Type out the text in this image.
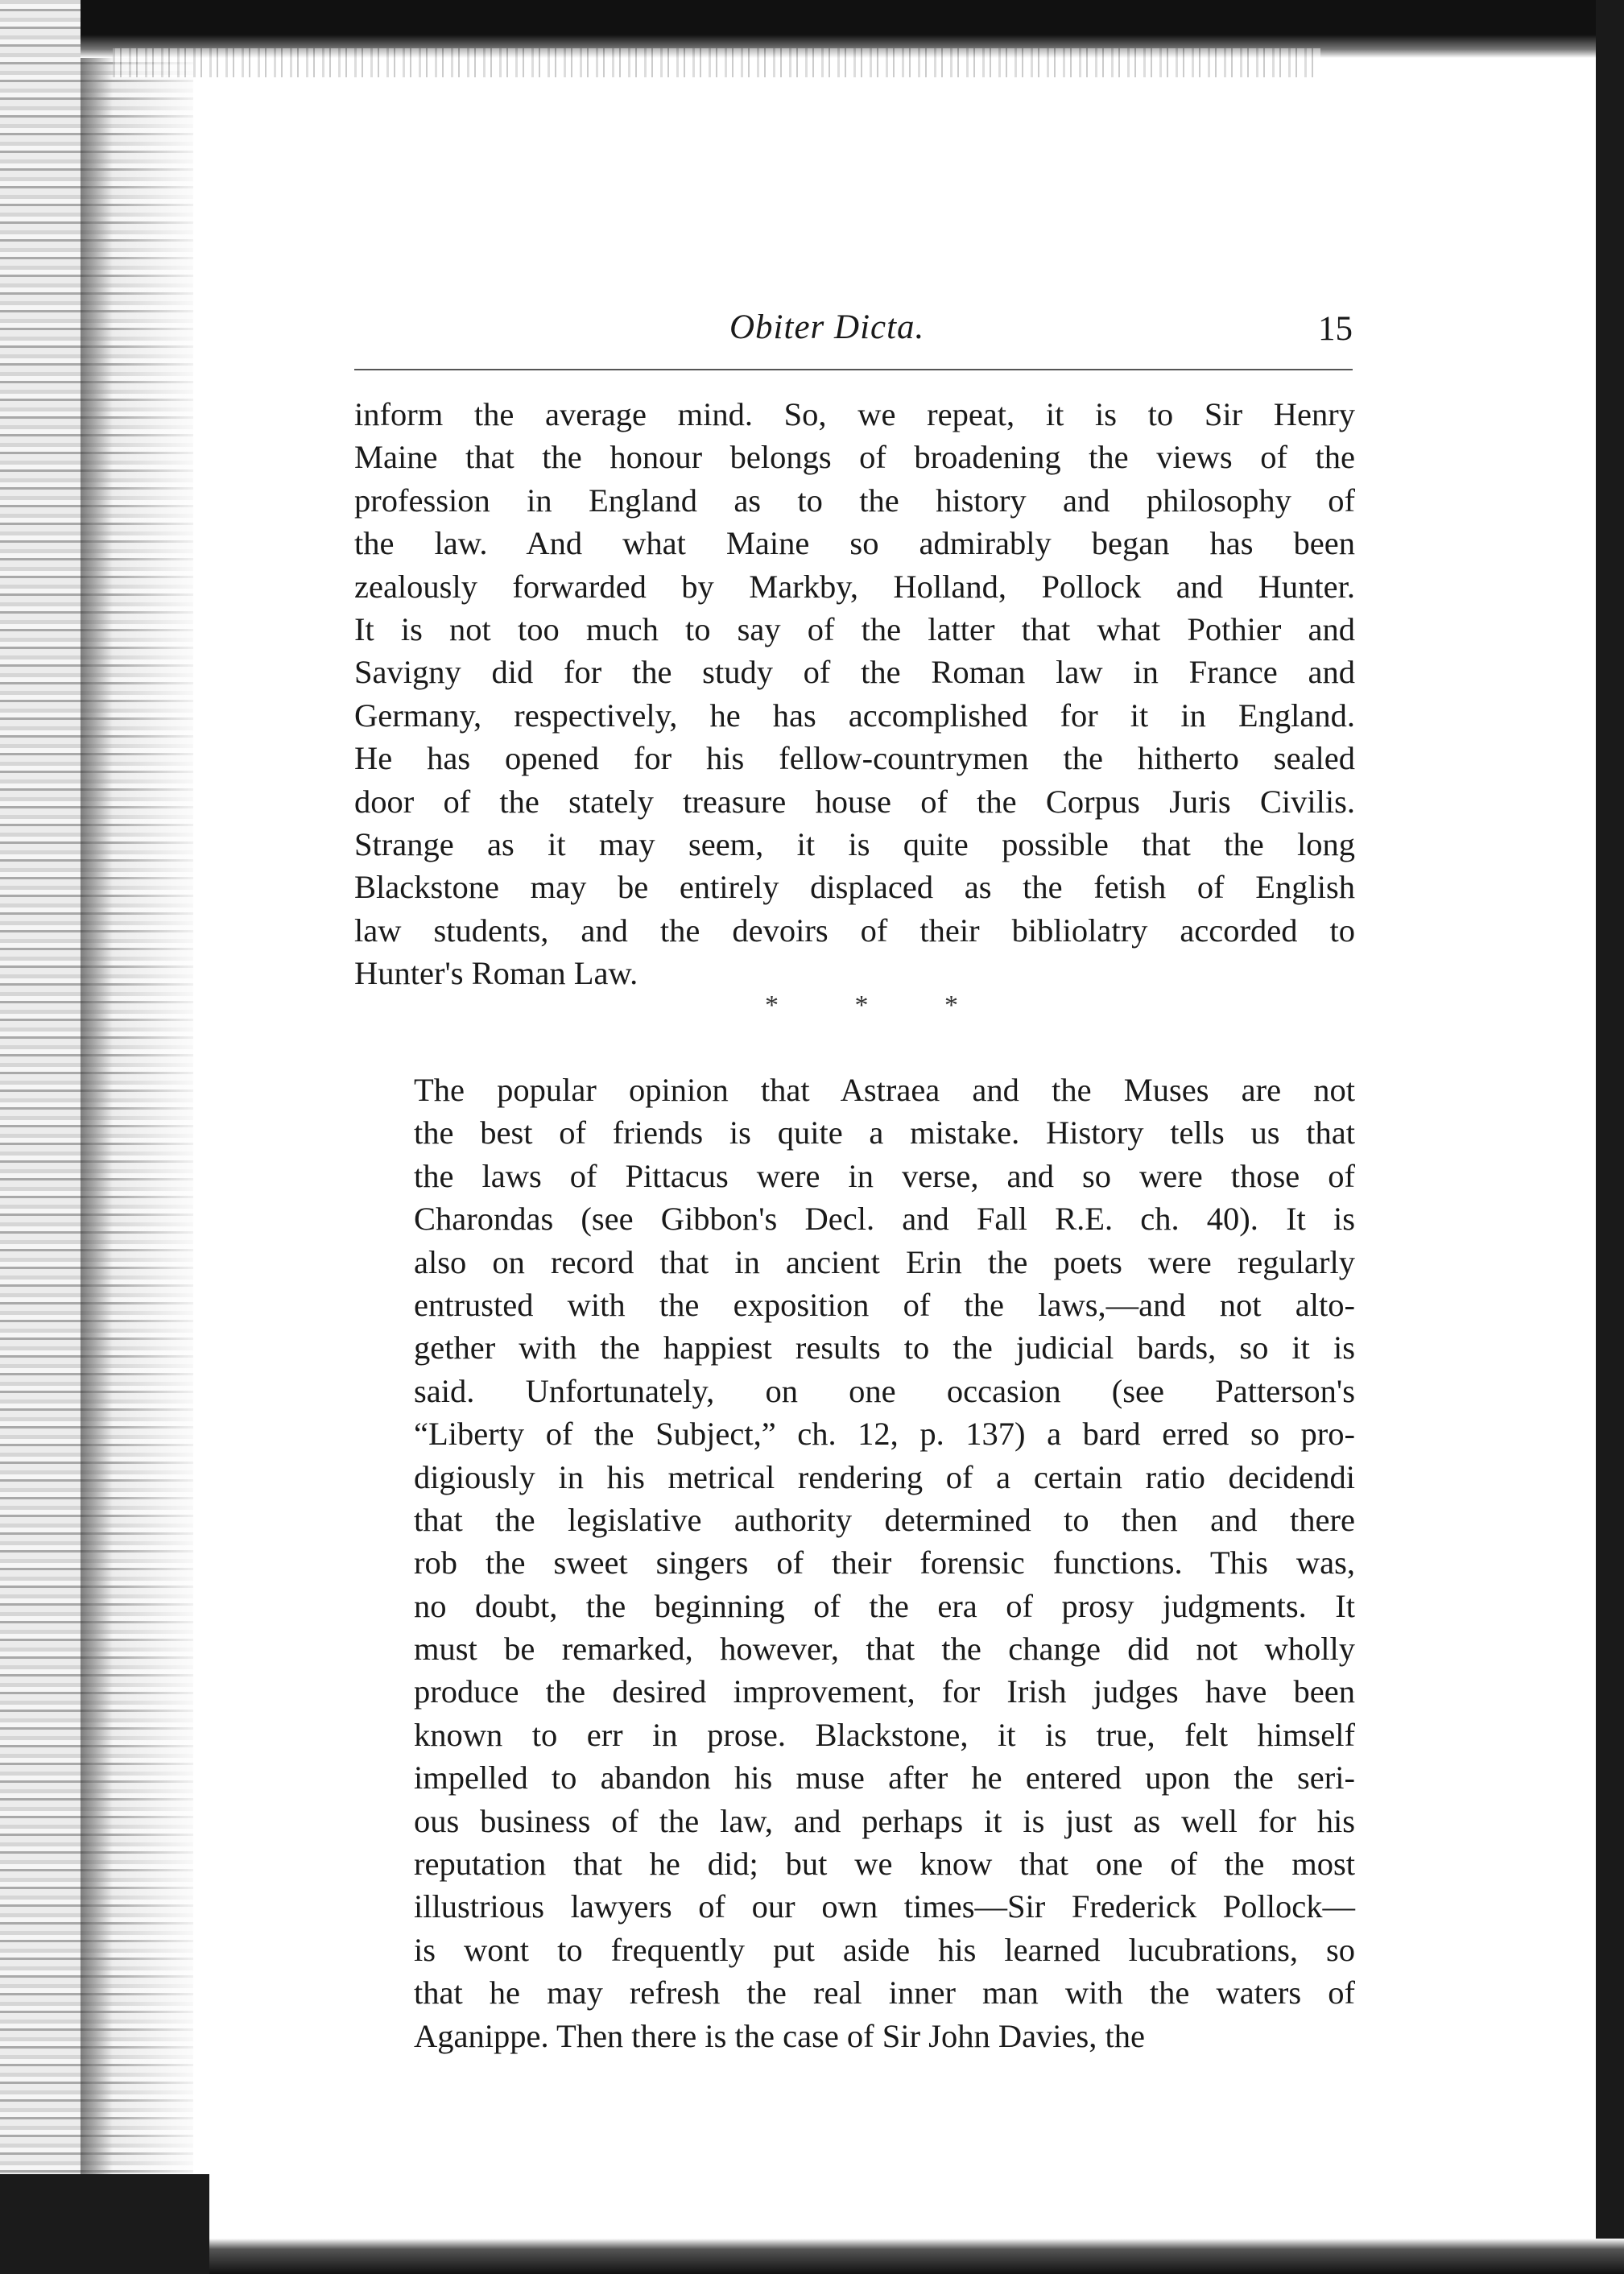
Obiter Dicta.	15
inform the average mind. So, we repeat, it is to Sir Henry
Maine that the honour belongs of broadening the views of the
profession in England as to the history and philosophy of
the law. And what Maine so admirably began has been
zealously forwarded by Markby, Holland, Pollock and Hunter.
It is not too much to say of the latter that what Pothier and
Savigny did for the study of the Roman law in France and
Germany, respectively, he has accomplished for it in England.
He has opened for his fellow-countrymen the hitherto sealed
door of the stately treasure house of the Corpus Juris Civilis.
Strange as it may seem, it is quite possible that the long
Blackstone may be entirely displaced as the fetish of English
law students, and the devoirs of their bibliolatry accorded to
Hunter's Roman Law.
*	*	*
The popular opinion that Astraea and the Muses are not
the best of friends is quite a mistake. History tells us that
the laws of Pittacus were in verse, and so were those of
Charondas (see Gibbon's Decl. and Fall R.E. ch. 40). It is
also on record that in ancient Erin the poets were regularly
entrusted with the exposition of the laws,—and not alto-
gether with the happiest results to the judicial bards, so it is
said. Unfortunately, on one occasion (see Patterson's
“Liberty of the Subject,” ch. 12, p. 137) a bard erred so pro-
digiously in his metrical rendering of a certain ratio decidendi
that the legislative authority determined to then and there
rob the sweet singers of their forensic functions. This was,
no doubt, the beginning of the era of prosy judgments. It
must be remarked, however, that the change did not wholly
produce the desired improvement, for Irish judges have been
known to err in prose. Blackstone, it is true, felt himself
impelled to abandon his muse after he entered upon the seri-
ous business of the law, and perhaps it is just as well for his
reputation that he did; but we know that one of the most
illustrious lawyers of our own times—Sir Frederick Pollock—
is wont to frequently put aside his learned lucubrations, so
that he may refresh the real inner man with the waters of
Aganippe. Then there is the case of Sir John Davies, the
